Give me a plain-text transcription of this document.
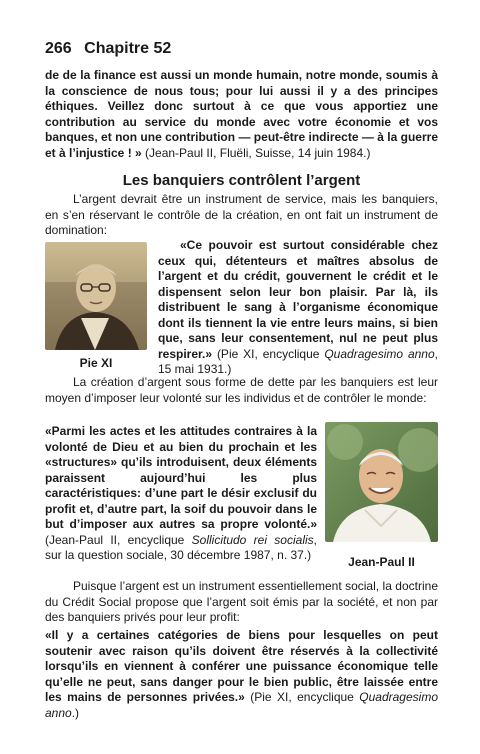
266 Chapitre 52
de de la finance est aussi un monde humain, notre monde, soumis à la conscience de nous tous; pour lui aussi il y a des principes éthiques. Veillez donc surtout à ce que vous apportiez une contribution au service du monde avec votre économie et vos banques, et non une contribution — peut-être indirecte — à la guerre et à l’injustice ! » (Jean-Paul II, Fluëli, Suisse, 14 juin 1984.)
Les banquiers contrôlent l’argent
L’argent devrait être un instrument de service, mais les banquiers, en s’en réservant le contrôle de la création, en ont fait un instrument de domination:
Pie XI
«Ce pouvoir est surtout considérable chez ceux qui, détenteurs et maîtres absolus de l’argent et du crédit, gouvernent le crédit et le dispensent selon leur bon plaisir. Par là, ils distribuent le sang à l’organisme économique dont ils tiennent la vie entre leurs mains, si bien que, sans leur consentement, nul ne peut plus respirer.» (Pie XI, encyclique Quadragesimo anno, 15 mai 1931.)
La création d’argent sous forme de dette par les banquiers est leur moyen d’imposer leur volonté sur les individus et de contrôler le monde:
«Parmi les actes et les attitudes contraires à la volonté de Dieu et au bien du prochain et les «structures» qu’ils introduisent, deux éléments paraissent aujourd’hui les plus caractéristiques: d’une part le désir exclusif du profit et, d’autre part, la soif du pouvoir dans le but d’imposer aux autres sa propre volonté.» (Jean-Paul II, encyclique Sollicitudo rei socialis, sur la question sociale, 30 décembre 1987, n. 37.)	Jean-Paul II
Puisque l’argent est un instrument essentiellement social, la doctrine du Crédit Social propose que l’argent soit émis par la société, et non par des banquiers privés pour leur profit:
«Il y a certaines catégories de biens pour lesquelles on peut soutenir avec raison qu’ils doivent être réservés à la collectivité lorsqu’ils en viennent à conférer une puissance économique telle qu’elle ne peut, sans danger pour le bien public, être laissée entre les mains de personnes privées.» (Pie XI, encyclique Quadragesimo anno.)
